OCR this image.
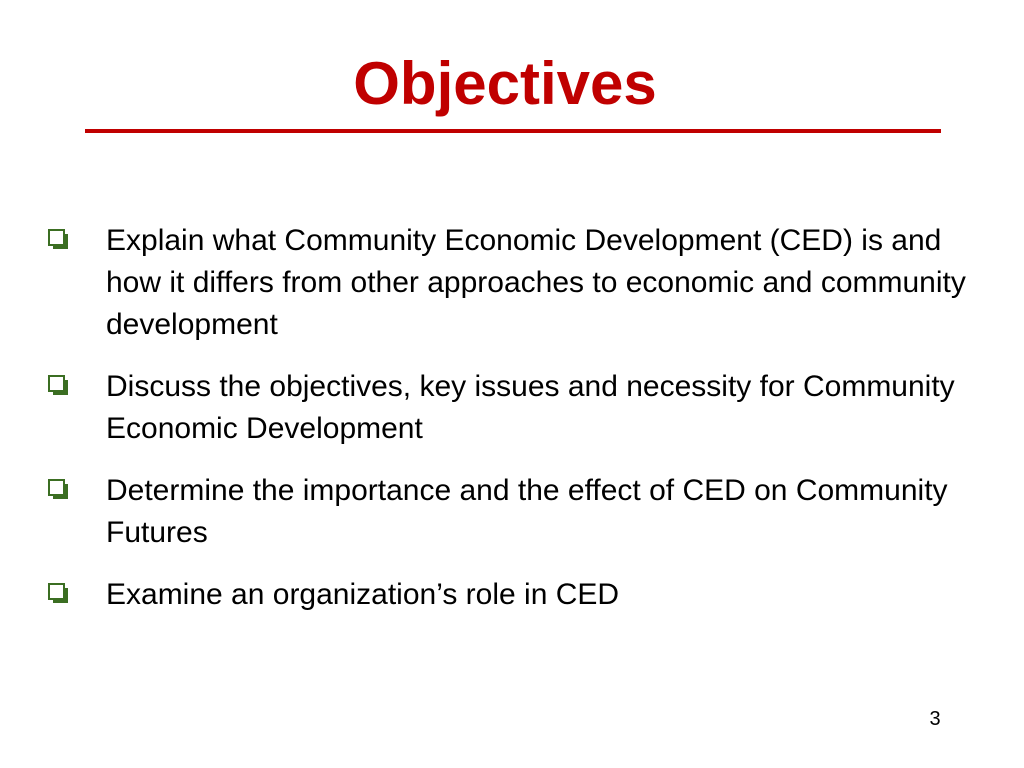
Objectives
Explain what Community Economic Development (CED) is and how it differs from other approaches to economic and community development
Discuss the objectives, key issues and necessity for Community Economic Development
Determine the importance and the effect of CED on Community Futures
Examine an organization’s role in CED
3
